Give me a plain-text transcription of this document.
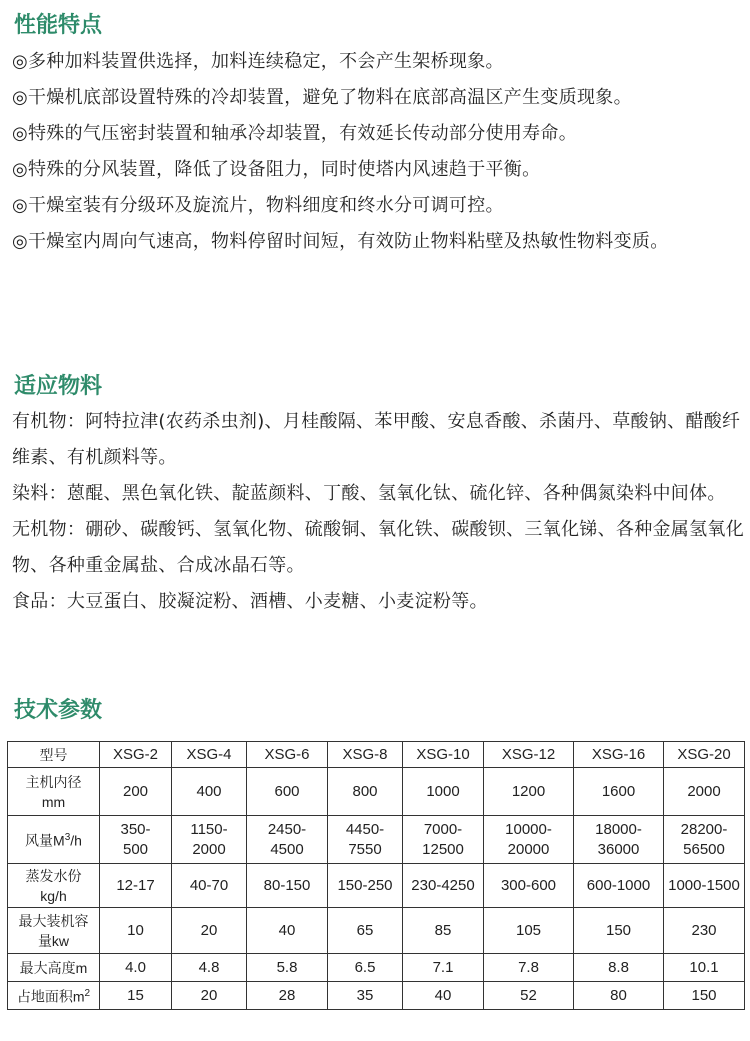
性能特点

◎多种加料装置供选择，加料连续稳定，不会产生架桥现象。

◎干燥机底部设置特殊的冷却装置，避免了物料在底部高温区产生变质现象。

◎特殊的气压密封装置和轴承冷却装置，有效延长传动部分使用寿命。

◎特殊的分风装置，降低了设备阻力，同时使塔内风速趋于平衡。

◎干燥室装有分级环及旋流片，物料细度和终水分可调可控。

◎干燥室内周向气速高，物料停留时间短，有效防止物料粘壁及热敏性物料变质。

适应物料

有机物：阿特拉津(农药杀虫剂)、月桂酸隔、苯甲酸、安息香酸、杀菌丹、草酸钠、醋酸纤维素、有机颜料等。

染料：蒽醌、黑色氧化铁、靛蓝颜料、丁酸、氢氧化钛、硫化锌、各种偶氮染料中间体。

无机物：硼砂、碳酸钙、氢氧化物、硫酸铜、氧化铁、碳酸钡、三氧化锑、各种金属氢氧化物、各种重金属盐、合成冰晶石等。

食品：大豆蛋白、胶凝淀粉、酒槽、小麦糖、小麦淀粉等。

技术参数
型号	XSG-2	XSG-4	XSG-6	XSG-8	XSG-10	XSG-12	XSG-16	XSG-20
主机内径
mm	200	400	600	800	1000	1200	1600	2000
风量$M^3/h$	350-
500	1150-
2000	2450-
4500	4450-
7550	7000-
12500	10000-
20000	18000-
36000	28200-
56500
蒸发水份
kg/h	12-17	40-70	80-150	150-250	230-4250	300-600	600-1000	1000-1500
最大装机容
量kw	10	20	40	65	85	105	150	230
最大高度m	4.0	4.8	5.8	6.5	7.1	7.8	8.8	10.1
占地面积$m^2$	15	20	28	35	40	52	80	150
